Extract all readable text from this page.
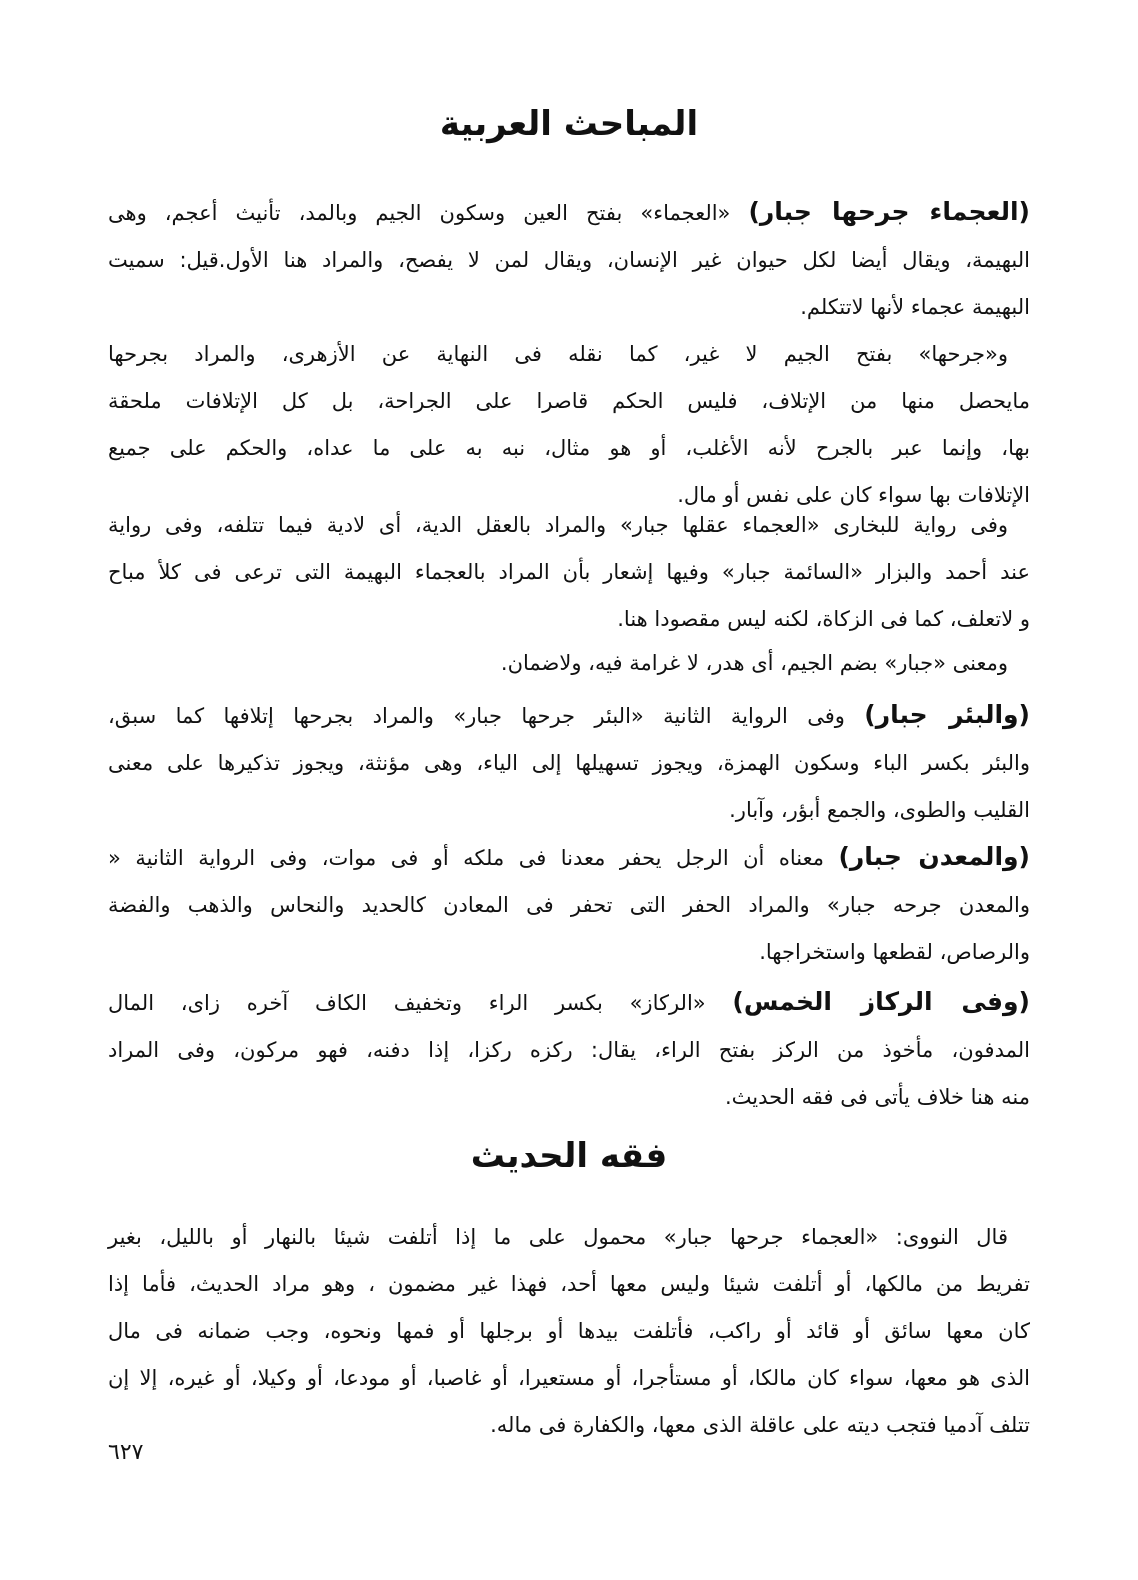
المباحث العربية
(العجماء جرحها جبار) «العجماء» بفتح العين وسكون الجيم وبالمد، تأنيث أعجم، وهى
البهيمة، ويقال أيضا لكل حيوان غير الإنسان، ويقال لمن لا يفصح، والمراد هنا الأول.قيل: سميت
البهيمة عجماء لأنها لاتتكلم.
و«جرحها» بفتح الجيم لا غير، كما نقله فى النهاية عن الأزهرى، والمراد بجرحها
مايحصل منها من الإتلاف، فليس الحكم قاصرا على الجراحة، بل كل الإتلافات ملحقة
بها، وإنما عبر بالجرح لأنه الأغلب، أو هو مثال، نبه به على ما عداه، والحكم على جميع
الإتلافات بها سواء كان على نفس أو مال.
وفى رواية للبخارى «العجماء عقلها جبار» والمراد بالعقل الدية، أى لادية فيما تتلفه، وفى رواية
عند أحمد والبزار «السائمة جبار» وفيها إشعار بأن المراد بالعجماء البهيمة التى ترعى فى كلأ مباح
و لاتعلف، كما فى الزكاة، لكنه ليس مقصودا هنا.
ومعنى «جبار» بضم الجيم، أى هدر، لا غرامة فيه، ولاضمان.
(والبئر جبار) وفى الرواية الثانية «البئر جرحها جبار» والمراد بجرحها إتلافها كما سبق،
والبئر بكسر الباء وسكون الهمزة، ويجوز تسهيلها إلى الياء، وهى مؤنثة، ويجوز تذكيرها على معنى
القليب والطوى، والجمع أبؤر، وآبار.
(والمعدن جبار) معناه أن الرجل يحفر معدنا فى ملكه أو فى موات، وفى الرواية الثانية «
والمعدن جرحه جبار» والمراد الحفر التى تحفر فى المعادن كالحديد والنحاس والذهب والفضة
والرصاص، لقطعها واستخراجها.
(وفى الركاز الخمس) «الركاز» بكسر الراء وتخفيف الكاف آخره زاى، المال
المدفون، مأخوذ من الركز بفتح الراء، يقال: ركزه ركزا، إذا دفنه، فهو مركون، وفى المراد
منه هنا خلاف يأتى فى فقه الحديث.
فقه الحديث
قال النووى: «العجماء جرحها جبار» محمول على ما إذا أتلفت شيئا بالنهار أو بالليل، بغير
تفريط من مالكها، أو أتلفت شيئا وليس معها أحد، فهذا غير مضمون ، وهو مراد الحديث، فأما إذا
كان معها سائق أو قائد أو راكب، فأتلفت بيدها أو برجلها أو فمها ونحوه، وجب ضمانه فى مال
الذى هو معها، سواء كان مالكا، أو مستأجرا، أو مستعيرا، أو غاصبا، أو مودعا، أو وكيلا، أو غيره، إلا إن
تتلف آدميا فتجب ديته على عاقلة الذى معها، والكفارة فى ماله.
٦٢٧
